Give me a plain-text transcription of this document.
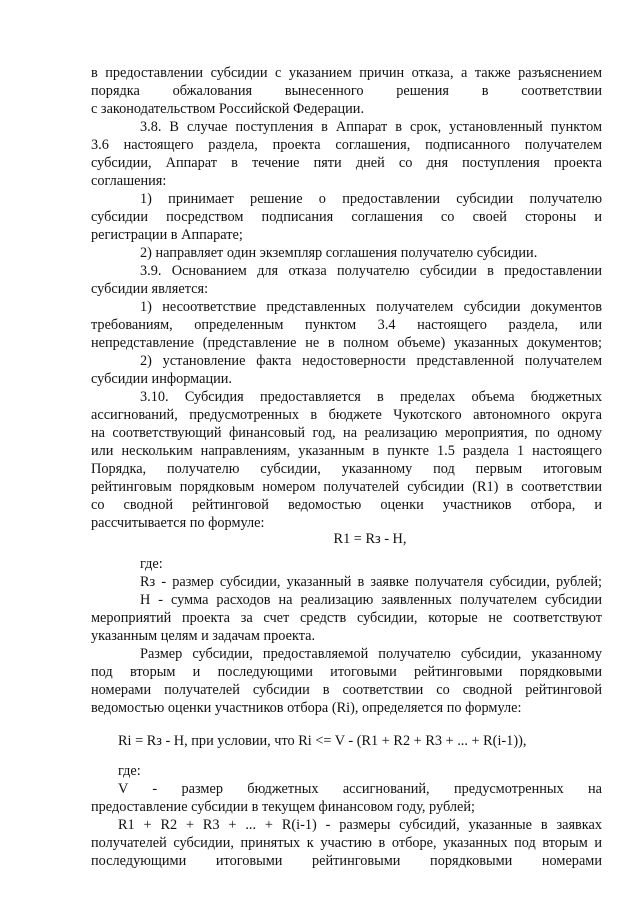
в предоставлении субсидии с указанием причин отказа, а также разъяснением

порядка обжалования вынесенного решения в соответствии

с законодательством Российской Федерации.

3.8. В случае поступления в Аппарат в срок, установленный пунктом

3.6 настоящего раздела, проекта соглашения, подписанного получателем

субсидии, Аппарат в течение пяти дней со дня поступления проекта

соглашения:

1) принимает решение о предоставлении субсидии получателю

субсидии посредством подписания соглашения со своей стороны и

регистрации в Аппарате;

2) направляет один экземпляр соглашения получателю субсидии.

3.9. Основанием для отказа получателю субсидии в предоставлении

субсидии является:

1) несоответствие представленных получателем субсидии документов

требованиям, определенным пунктом 3.4 настоящего раздела, или

непредставление (представление не в полном объеме) указанных документов;

2) установление факта недостоверности представленной получателем

субсидии информации.

3.10. Субсидия предоставляется в пределах объема бюджетных

ассигнований, предусмотренных в бюджете Чукотского автономного округа

на соответствующий финансовый год, на реализацию мероприятия, по одному

или нескольким направлениям, указанным в пункте 1.5 раздела 1 настоящего

Порядка, получателю субсидии, указанному под первым итоговым

рейтинговым порядковым номером получателей субсидии (R1) в соответствии

со сводной рейтинговой ведомостью оценки участников отбора, и

рассчитывается по формуле:

R1 = Rз - H,

где:

Rз - размер субсидии, указанный в заявке получателя субсидии, рублей;

H - сумма расходов на реализацию заявленных получателем субсидии

мероприятий проекта за счет средств субсидии, которые не соответствуют

указанным целям и задачам проекта.

Размер субсидии, предоставляемой получателю субсидии, указанному

под вторым и последующими итоговыми рейтинговыми порядковыми

номерами получателей субсидии в соответствии со сводной рейтинговой

ведомостью оценки участников отбора (Ri), определяется по формуле:

Ri = Rз - H, при условии, что Ri <= V - (R1 + R2 + R3 + ... + R(i-1)),

где:

V - размер бюджетных ассигнований, предусмотренных на

предоставление субсидии в текущем финансовом году, рублей;

R1 + R2 + R3 + ... + R(i-1) - размеры субсидий, указанные в заявках

получателей субсидии, принятых к участию в отборе, указанных под вторым и

последующими итоговыми рейтинговыми порядковыми номерами
